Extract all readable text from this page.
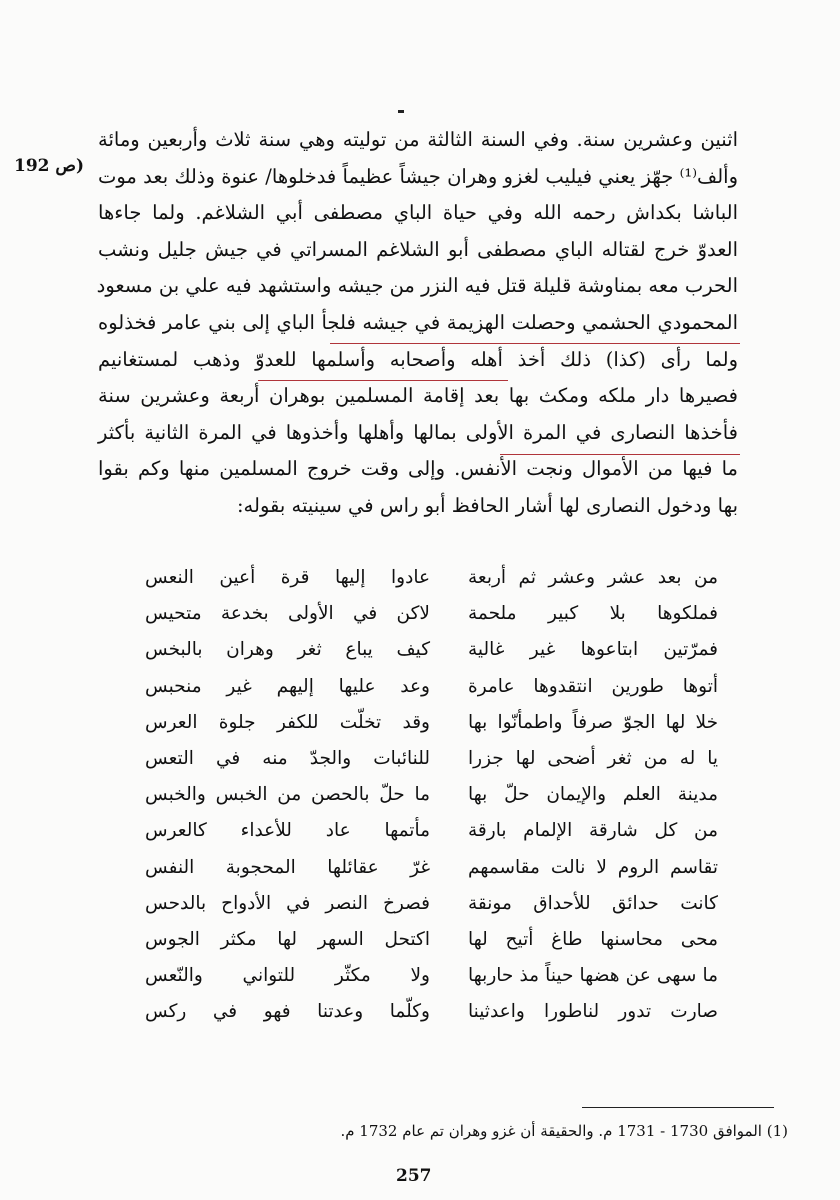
اثنين وعشرين سنة. وفي السنة الثالثة من توليته وهي سنة ثلاث وأربعين ومائة
وألف⁽¹⁾ جهّز يعني فيليب لغزو وهران جيشاً عظيماً فدخلوها/ عنوة وذلك بعد موت
الباشا بكداش رحمه الله وفي حياة الباي مصطفى أبي الشلاغم. ولما جاءها
العدوّ خرج لقتاله الباي مصطفى أبو الشلاغم المسراتي في جيش جليل ونشب
الحرب معه بمناوشة قليلة قتل فيه النزر من جيشه واستشهد فيه علي بن مسعود
المحمودي الحشمي وحصلت الهزيمة في جيشه فلجأ الباي إلى بني عامر فخذلوه
ولما رأى (كذا) ذلك أخذ أهله وأصحابه وأسلمها للعدوّ وذهب لمستغانيم
فصيرها دار ملكه ومكث بها بعد إقامة المسلمين بوهران أربعة وعشرين سنة
فأخذها النصارى في المرة الأولى بمالها وأهلها وأخذوها في المرة الثانية بأكثر
ما فيها من الأموال ونجت الأنفس. وإلى وقت خروج المسلمين منها وكم بقوا
بها ودخول النصارى لها أشار الحافظ أبو راس في سينيته بقوله:
(ص 192
من بعد عشر وعشر ثم أربعة
فملكوها بلا كبير ملحمة
فمرّتين ابتاعوها غير غالية
أتوها طورين انتقدوها عامرة
خلا لها الجوّ صرفاً واطمأنّوا بها
يا له من ثغر أضحى لها جزرا
مدينة العلم والإيمان حلّ بها
من كل شارقة الإلمام بارقة
تقاسم الروم لا نالت مقاسمهم
كانت حدائق للأحداق مونقة
محى محاسنها طاغ أتيح لها
ما سهى عن هضها حيناً مذ حاربها
صارت تدور لناطورا واعدثينا
عادوا إليها قرة أعين النعس
لاكن في الأولى بخدعة متحيس
كيف يباع ثغر وهران بالبخس
وعد عليها إليهم غير منحبس
وقد تخلّت للكفر جلوة العرس
للنائبات والجدّ منه في التعس
ما حلّ بالحصن من الخبس والخبس
مأتمها عاد للأعداء كالعرس
غرّ عقائلها المحجوبة النفس
فصرخ النصر في الأدواح بالدحس
اكتحل السهر لها مكثر الجوس
ولا مكثّر للتواني والنّعس
وكلّما وعدتنا فهو في ركس
(1) الموافق 1730 - 1731 م. والحقيقة أن غزو وهران تم عام 1732 م.
257
